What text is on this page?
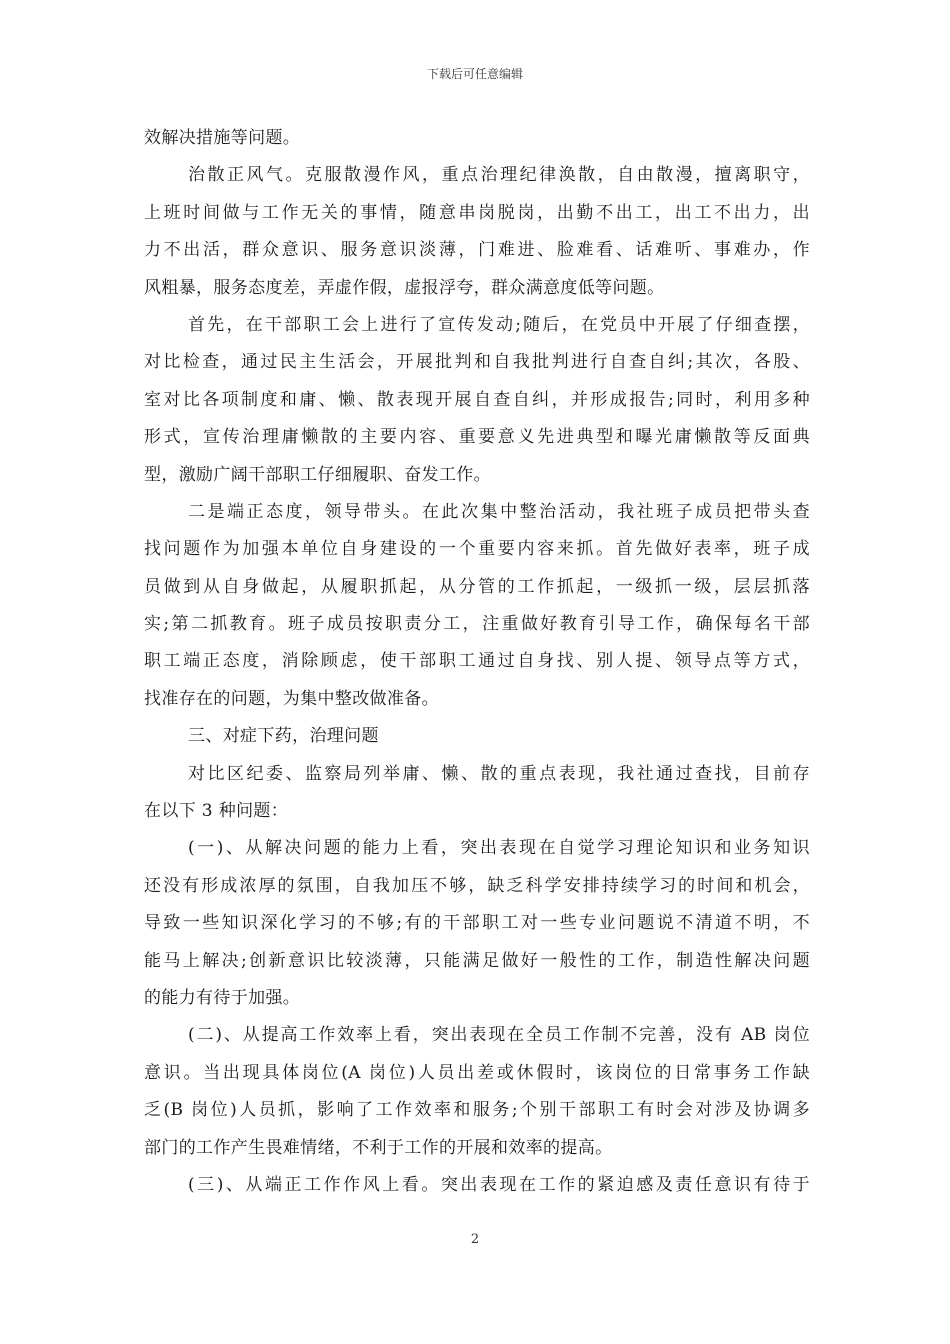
下载后可任意编辑
效解决措施等问题。
治散正风气。克服散漫作风，重点治理纪律涣散，自由散漫，擅离职守，
上班时间做与工作无关的事情，随意串岗脱岗，出勤不出工，出工不出力，出
力不出活，群众意识、服务意识淡薄，门难进、脸难看、话难听、事难办，作
风粗暴，服务态度差，弄虚作假，虚报浮夸，群众满意度低等问题。
首先，在干部职工会上进行了宣传发动;随后，在党员中开展了仔细查摆，
对比检查，通过民主生活会，开展批判和自我批判进行自查自纠;其次，各股、
室对比各项制度和庸、懒、散表现开展自查自纠，并形成报告;同时，利用多种
形式，宣传治理庸懒散的主要内容、重要意义先进典型和曝光庸懒散等反面典
型，激励广阔干部职工仔细履职、奋发工作。
二是端正态度，领导带头。在此次集中整治活动，我社班子成员把带头查
找问题作为加强本单位自身建设的一个重要内容来抓。首先做好表率，班子成
员做到从自身做起，从履职抓起，从分管的工作抓起，一级抓一级，层层抓落
实;第二抓教育。班子成员按职责分工，注重做好教育引导工作，确保每名干部
职工端正态度，消除顾虑，使干部职工通过自身找、别人提、领导点等方式，
找准存在的问题，为集中整改做准备。
三、对症下药，治理问题
对比区纪委、监察局列举庸、懒、散的重点表现，我社通过查找，目前存
在以下 3 种问题：
(一)、从解决问题的能力上看，突出表现在自觉学习理论知识和业务知识
还没有形成浓厚的氛围，自我加压不够，缺乏科学安排持续学习的时间和机会，
导致一些知识深化学习的不够;有的干部职工对一些专业问题说不清道不明，不
能马上解决;创新意识比较淡薄，只能满足做好一般性的工作，制造性解决问题
的能力有待于加强。
(二)、从提高工作效率上看，突出表现在全员工作制不完善，没有 AB 岗位
意识。当出现具体岗位(A 岗位)人员出差或休假时，该岗位的日常事务工作缺
乏(B 岗位)人员抓，影响了工作效率和服务;个别干部职工有时会对涉及协调多
部门的工作产生畏难情绪，不利于工作的开展和效率的提高。
(三)、从端正工作作风上看。突出表现在工作的紧迫感及责任意识有待于
2
